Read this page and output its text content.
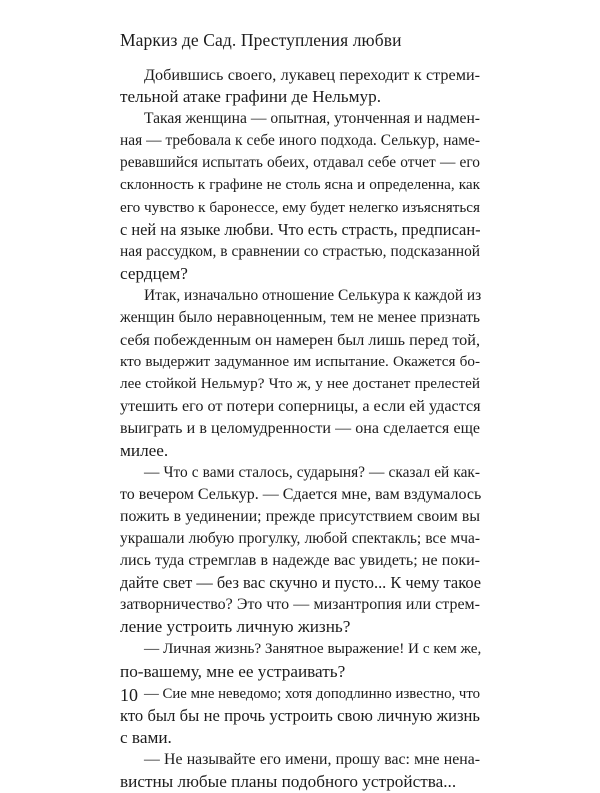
Маркиз де Сад. Преступления любви
Добившись своего, лукавец переходит к стреми-
тельной атаке графини де Нельмур.
Такая женщина — опытная, утонченная и надмен-
ная — требовала к себе иного подхода. Селькур, наме-
ревавшийся испытать обеих, отдавал себе отчет — его
склонность к графине не столь ясна и определенна, как
его чувство к баронессе, ему будет нелегко изъясняться
с ней на языке любви. Что есть страсть, предписан-
ная рассудком, в сравнении со страстью, подсказанной
сердцем?
Итак, изначально отношение Селькура к каждой из
женщин было неравноценным, тем не менее признать
себя побежденным он намерен был лишь перед той,
кто выдержит задуманное им испытание. Окажется бо-
лее стойкой Нельмур? Что ж, у нее достанет прелестей
утешить его от потери соперницы, а если ей удастся
выиграть и в целомудренности — она сделается еще
милее.
— Что с вами сталось, сударыня? — сказал ей как-
то вечером Селькур. — Сдается мне, вам вздумалось
пожить в уединении; прежде присутствием своим вы
украшали любую прогулку, любой спектакль; все мча-
лись туда стремглав в надежде вас увидеть; не поки-
дайте свет — без вас скучно и пусто... К чему такое
затворничество? Это что — мизантропия или стрем-
ление устроить личную жизнь?
— Личная жизнь? Занятное выражение! И с кем же,
по-вашему, мне ее устраивать?
— Сие мне неведомо; хотя доподлинно известно, что
кто был бы не прочь устроить свою личную жизнь
с вами.
— Не называйте его имени, прошу вас: мне нена-
вистны любые планы подобного устройства...
10
